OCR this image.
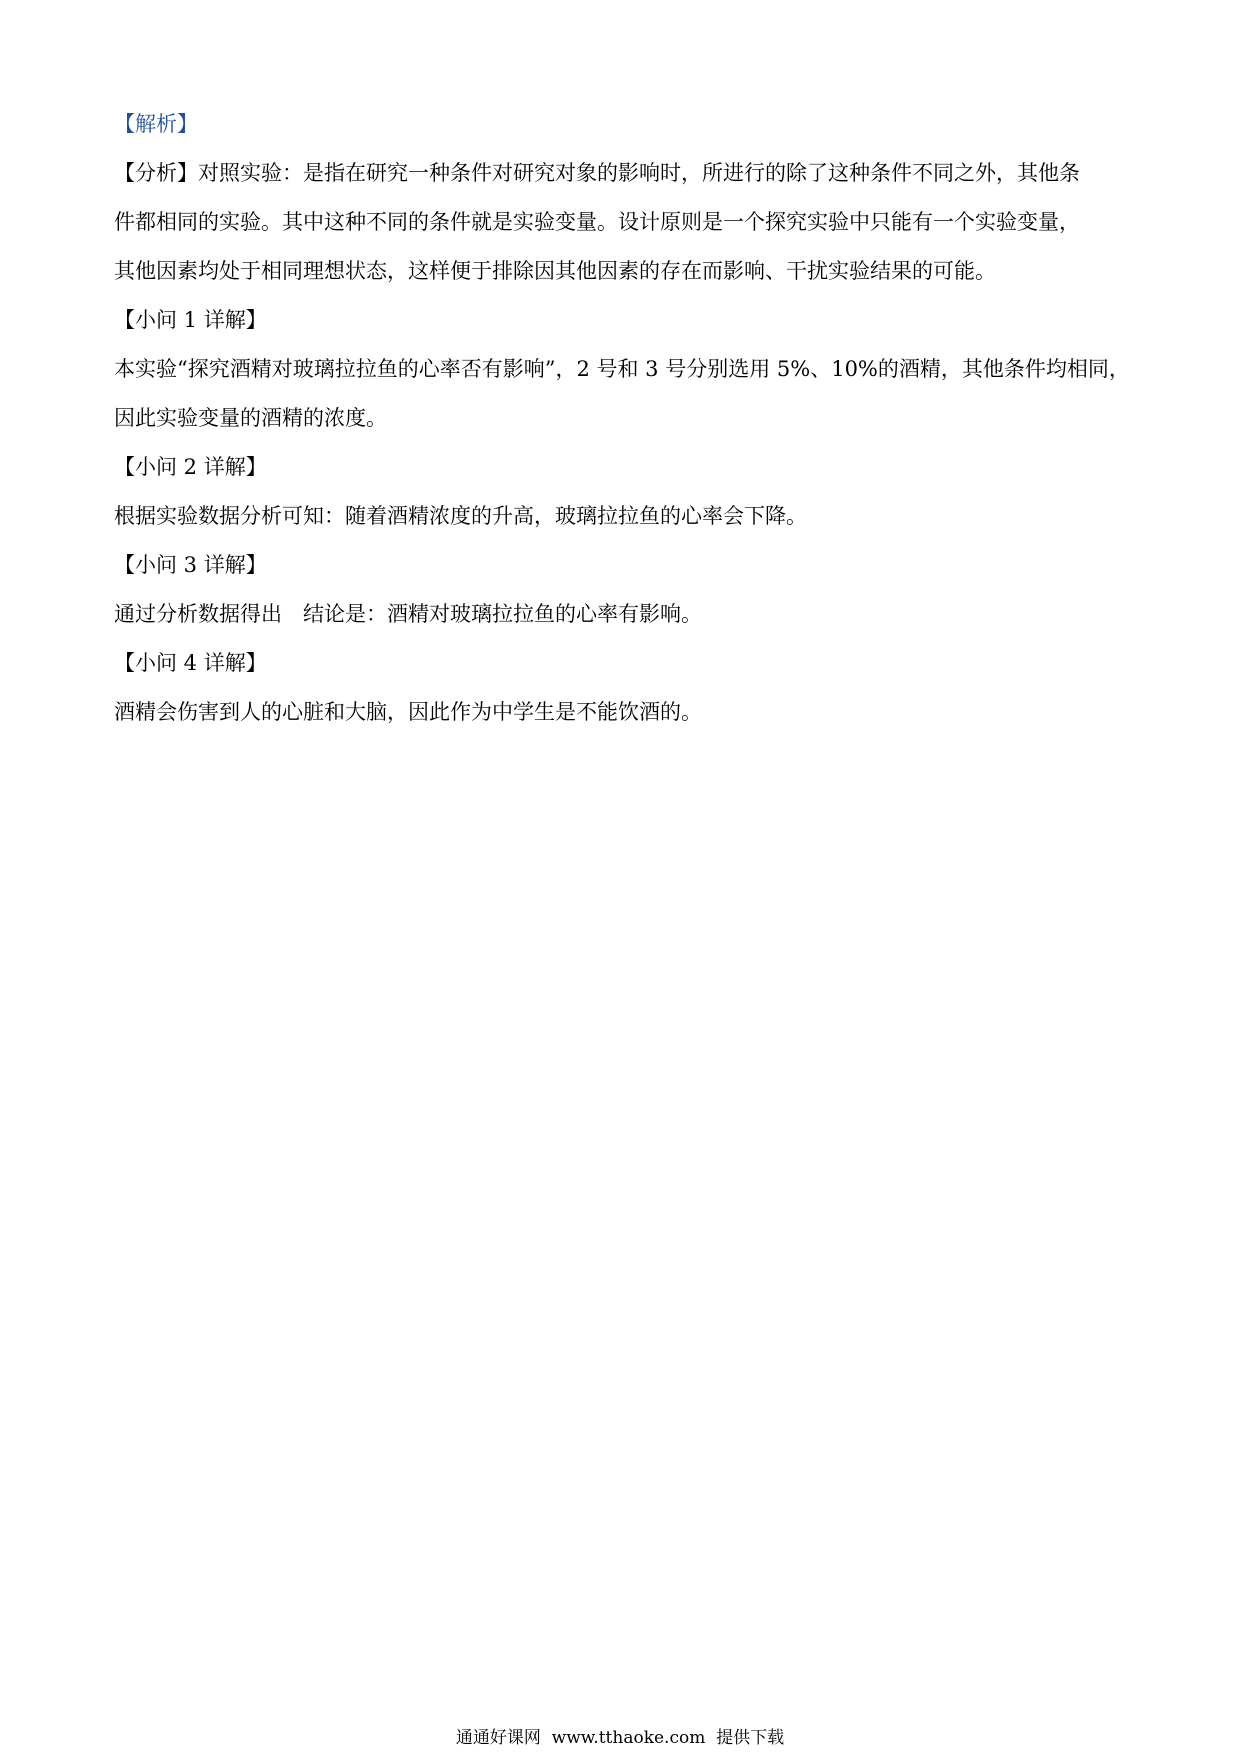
【解析】
【分析】对照实验：是指在研究一种条件对研究对象的影响时，所进行的除了这种条件不同之外，其他条
件都相同的实验。其中这种不同的条件就是实验变量。设计原则是一个探究实验中只能有一个实验变量，
其他因素均处于相同理想状态，这样便于排除因其他因素的存在而影响、干扰实验结果的可能。
【小问 1 详解】
本实验“探究酒精对玻璃拉拉鱼的心率否有影响”，2 号和 3 号分别选用 5%、10%的酒精，其他条件均相同，
因此实验变量的酒精的浓度。
【小问 2 详解】
根据实验数据分析可知：随着酒精浓度的升高，玻璃拉拉鱼的心率会下降。
【小问 3 详解】
通过分析数据得出　结论是：酒精对玻璃拉拉鱼的心率有影响。
【小问 4 详解】
酒精会伤害到人的心脏和大脑，因此作为中学生是不能饮酒的。
通通好课网  www.tthaoke.com  提供下载
